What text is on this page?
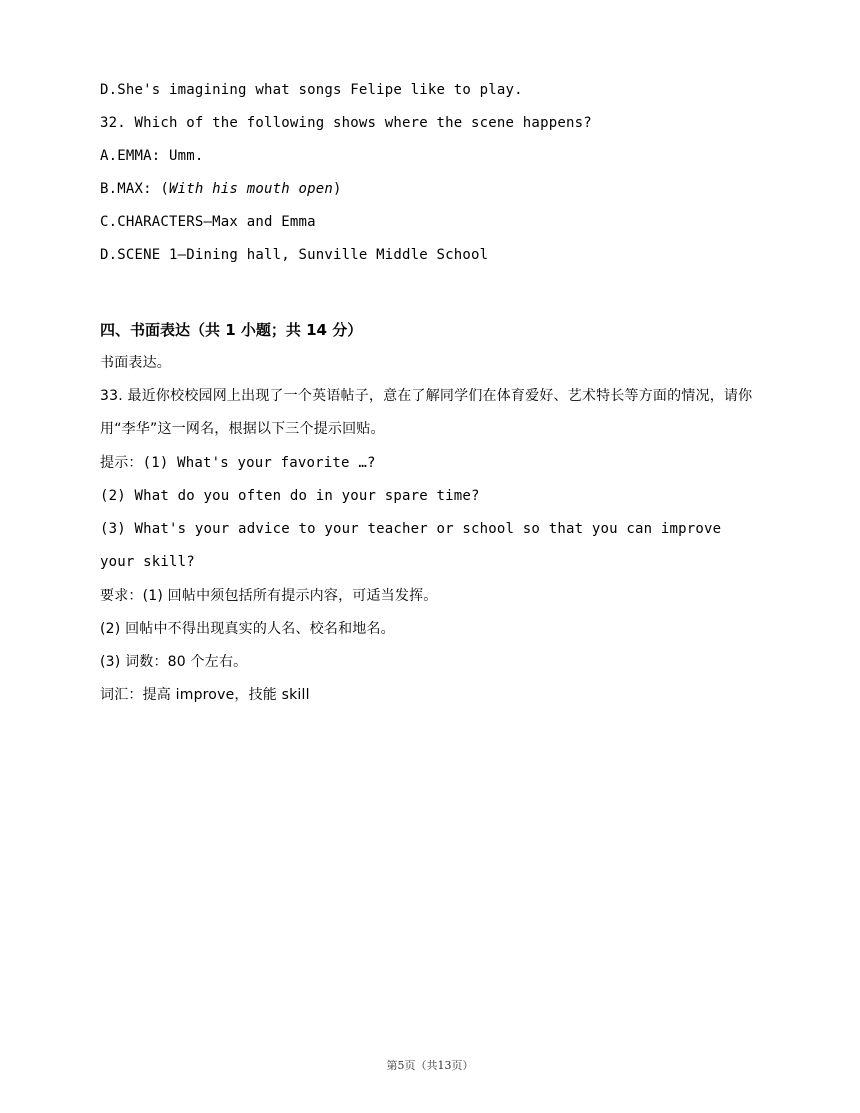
D.She's imagining what songs Felipe like to play.
32. Which of the following shows where the scene happens?
A.EMMA: Umm.
B.MAX: (With his mouth open)
C.CHARACTERS—Max and Emma
D.SCENE 1—Dining hall, Sunville Middle School
四、书面表达（共 1 小题；共 14 分）
书面表达。
33. 最近你校校园网上出现了一个英语帖子，意在了解同学们在体育爱好、艺术特长等方面的情况，请你用“李华”这一网名，根据以下三个提示回贴。
提示：(1) What's your favorite …?
(2) What do you often do in your spare time?
(3) What's your advice to your teacher or school so that you can improve your skill?
要求：(1) 回帖中须包括所有提示内容，可适当发挥。
(2) 回帖中不得出现真实的人名、校名和地名。
(3) 词数：80 个左右。
词汇：提高 improve，技能 skill
第5页（共13页）
